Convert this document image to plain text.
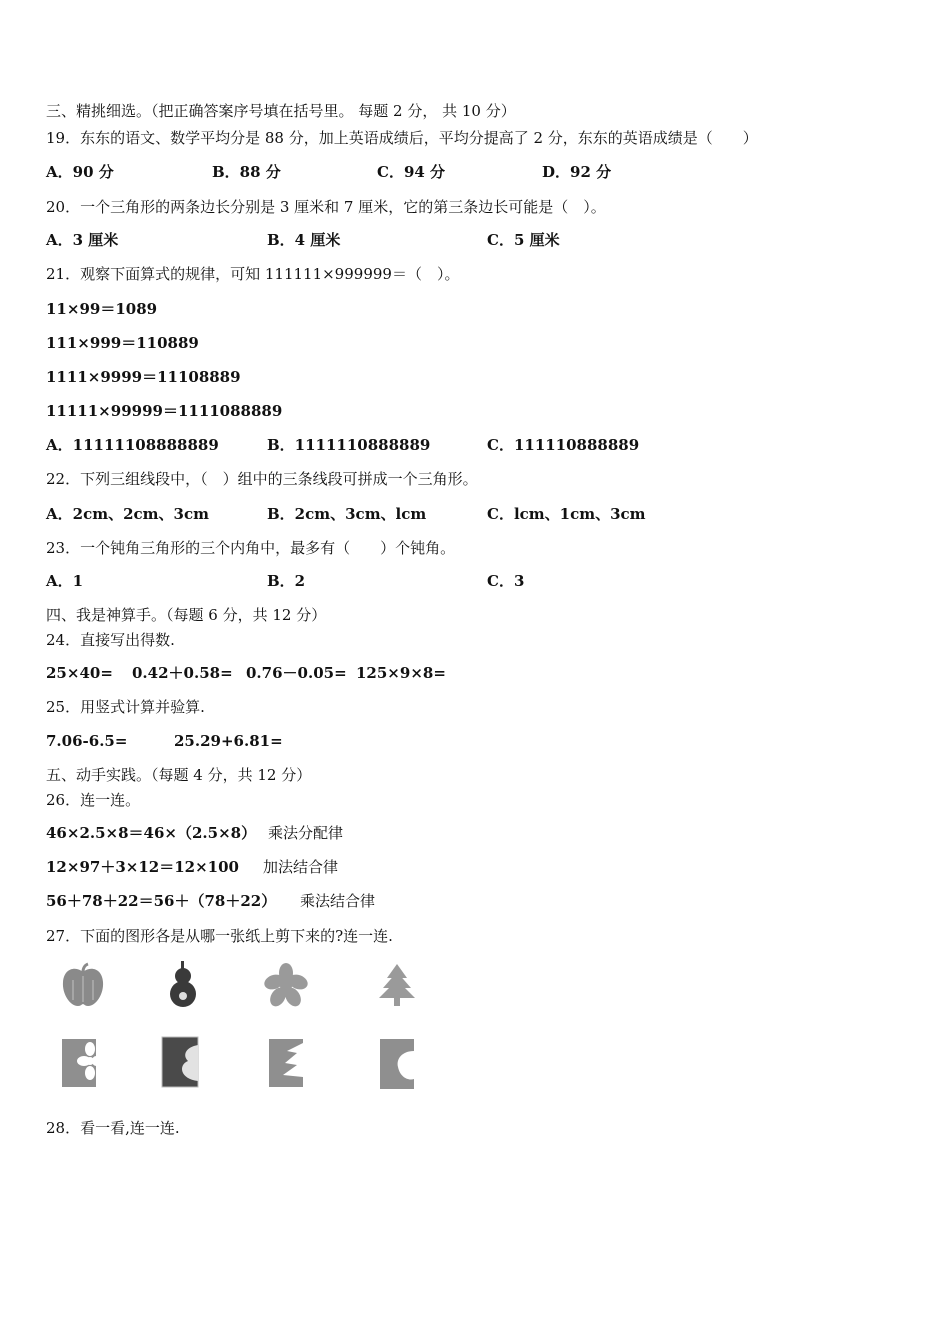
三、精挑细选。（把正确答案序号填在括号里。 每题 2 分， 共 10 分）
19．东东的语文、数学平均分是 88 分，加上英语成绩后，平均分提高了 2 分，东东的英语成绩是（　　）
A．90 分	B．88 分	C．94 分	D．92 分
20．一个三角形的两条边长分别是 3 厘米和 7 厘米，它的第三条边长可能是（　）。
A．3 厘米	B．4 厘米	C．5 厘米
21．观察下面算式的规律，可知 111111×999999＝（　）。
11×99＝1089
111×999＝110889
1111×9999＝11108889
11111×99999＝1111088889
A．11111108888889	B．1111110888889	C．111110888889
22．下列三组线段中，（　）组中的三条线段可拼成一个三角形。
A．2cm、2cm、3cm	B．2cm、3cm、lcm	C．lcm、1cm、3cm
23．一个钝角三角形的三个内角中，最多有（　　）个钝角。
A．1	B．2	C．3
四、我是神算手。（每题 6 分，共 12 分）
24．直接写出得数.
25×40= 0.42＋0.58= 0.76－0.05= 125×9×8=
25．用竖式计算并验算.
7.06-6.5=	25.29+6.81=
五、动手实践。（每题 4 分，共 12 分）
26．连一连。
46×2.5×8＝46×（2.5×8） 乘法分配律
12×97＋3×12＝12×100 加法结合律
56＋78＋22＝56＋（78＋22） 乘法结合律
27．下面的图形各是从哪一张纸上剪下来的?连一连.
28．看一看,连一连.
